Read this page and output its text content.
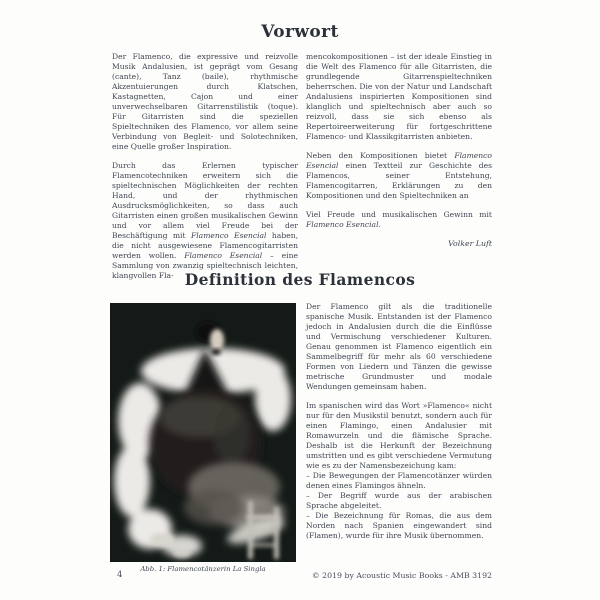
Vorwort

Der Flamenco, die expressive und reizvolle Musik Andalusien, ist geprägt vom Gesang (cante), Tanz (baile), rhythmische Akzentuierungen durch Klatschen, Kastagnetten, Cajon und einer unverwechselbaren Gitarrenstilistik (toque). Für Gitarristen sind die speziellen Spieltechniken des Flamenco, vor allem seine Verbindung von Begleit- und Solotechniken, eine Quelle großer Inspiration.

Durch das Erlernen typischer Flamencotechniken erweitern sich die spieltechnischen Möglichkeiten der rechten Hand, und der rhythmischen Ausdrucksmöglichkeiten, so dass auch Gitarristen einen großen musikalischen Gewinn und vor allem viel Freude bei der Beschäftigung mit Flamenco Esencial haben, die nicht ausgewiesene Flamencogitarristen werden wollen. Flamenco Esencial – eine Sammlung von zwanzig spieltechnisch leichten, klangvollen Fla-

mencokompositionen – ist der ideale Einstieg in die Welt des Flamenco für alle Gitarristen, die grundlegende Gitarrenspieltechniken beherrschen. Die von der Natur und Landschaft Andalusiens inspirierten Kompositionen sind klanglich und spieltechnisch aber auch so reizvoll, dass sie sich ebenso als Repertoireerweiterung für fortgeschrittene Flamenco- und Klassikgitarristen anbieten.

Neben den Kompositionen bietet Flamenco Esencial einen Textteil zur Geschichte des Flamencos, seiner Entstehung, Flamencogitarren, Erklärungen zu den Kompositionen und den Spieltechniken an

Viel Freude und musikalischen Gewinn mit Flamenco Esencial.

Volker Luft

Definition des Flamencos
Abb. 1: Flamencotänzerin La Singla

Der Flamenco gilt als die traditionelle spanische Musik. Entstanden ist der Flamenco jedoch in Andalusien durch die die Einflüsse und Vermischung verschiedener Kulturen. Genau genommen ist Flamenco eigentlich ein Sammelbegriff für mehr als 60 verschiedene Formen von Liedern und Tänzen die gewisse metrische Grundmuster und modale Wendungen gemeinsam haben.

Im spanischen wird das Wort »Flamenco« nicht nur für den Musikstil benutzt, sondern auch für einen Flamingo, einen Andalusier mit Romawurzeln und die flämische Sprache. Deshalb ist die Herkunft der Bezeichnung umstritten und es gibt verschiedene Vermutung wie es zu der Namensbezeichung kam:

– Die Bewegungen der Flamencotänzer würden denen eines Flamingos ähneln.

– Der Begriff wurde aus der arabischen Sprache abgeleitet.

– Die Bezeichnung für Romas, die aus dem Norden nach Spanien eingewandert sind (Flamen), wurde für ihre Musik übernommen.

4	© 2019 by Acoustic Music Books - AMB 3192
